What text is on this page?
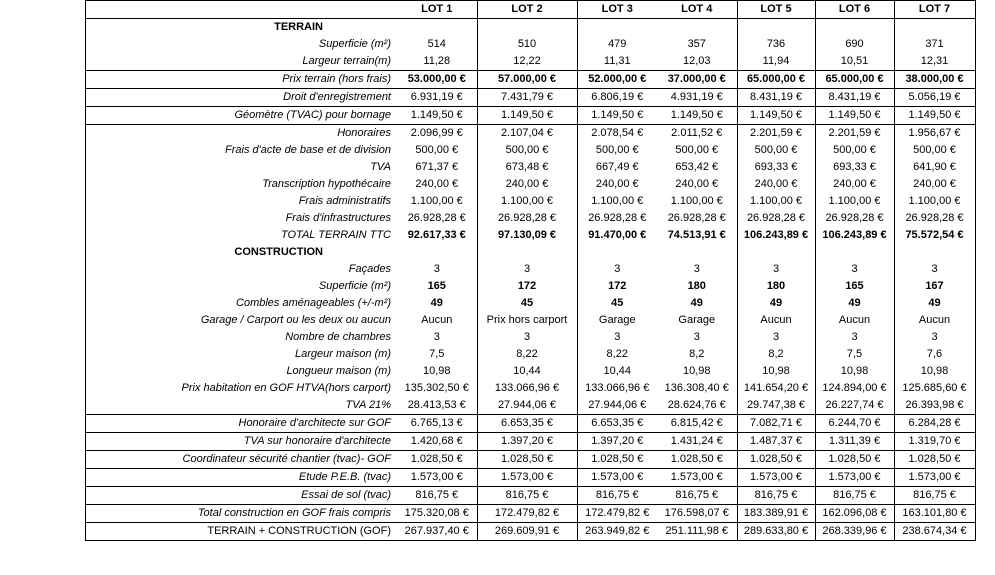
	LOT 1	LOT 2	LOT 3	LOT 4	LOT 5	LOT 6	LOT 7
TERRAIN							
Superficie (m²)	514	510	479	357	736	690	371
Largeur terrain(m)	11,28	12,22	11,31	12,03	11,94	10,51	12,31
Prix terrain (hors frais)	53.000,00 €	57.000,00 €	52.000,00 €	37.000,00 €	65.000,00 €	65.000,00 €	38.000,00 €
Droit d'enregistrement	6.931,19 €	7.431,79 €	6.806,19 €	4.931,19 €	8.431,19 €	8.431,19 €	5.056,19 €
Géomètre (TVAC) pour bornage	1.149,50 €	1.149,50 €	1.149,50 €	1.149,50 €	1.149,50 €	1.149,50 €	1.149,50 €
Honoraires	2.096,99 €	2.107,04 €	2.078,54 €	2.011,52 €	2.201,59 €	2.201,59 €	1.956,67 €
Frais d'acte de base et de division	500,00 €	500,00 €	500,00 €	500,00 €	500,00 €	500,00 €	500,00 €
TVA	671,37 €	673,48 €	667,49 €	653,42 €	693,33 €	693,33 €	641,90 €
Transcription hypothécaire	240,00 €	240,00 €	240,00 €	240,00 €	240,00 €	240,00 €	240,00 €
Frais administratifs	1.100,00 €	1.100,00 €	1.100,00 €	1.100,00 €	1.100,00 €	1.100,00 €	1.100,00 €
Frais d'infrastructures	26.928,28 €	26.928,28 €	26.928,28 €	26.928,28 €	26.928,28 €	26.928,28 €	26.928,28 €
TOTAL TERRAIN TTC	92.617,33 €	97.130,09 €	91.470,00 €	74.513,91 €	106.243,89 €	106.243,89 €	75.572,54 €
CONSTRUCTION							
Façades	3	3	3	3	3	3	3
Superficie (m²)	165	172	172	180	180	165	167
Combles aménageables (+/-m²)	49	45	45	49	49	49	49
Garage / Carport ou les deux ou aucun	Aucun	Prix hors carport	Garage	Garage	Aucun	Aucun	Aucun
Nombre de chambres	3	3	3	3	3	3	3
Largeur maison (m)	7,5	8,22	8,22	8,2	8,2	7,5	7,6
Longueur maison (m)	10,98	10,44	10,44	10,98	10,98	10,98	10,98
Prix habitation en GOF HTVA(hors carport)	135.302,50 €	133.066,96 €	133.066,96 €	136.308,40 €	141.654,20 €	124.894,00 €	125.685,60 €
TVA 21%	28.413,53 €	27.944,06 €	27.944,06 €	28.624,76 €	29.747,38 €	26.227,74 €	26.393,98 €
Honoraire d'architecte sur GOF	6.765,13 €	6.653,35 €	6.653,35 €	6.815,42 €	7.082,71 €	6.244,70 €	6.284,28 €
TVA sur honoraire d'architecte	1.420,68 €	1.397,20 €	1.397,20 €	1.431,24 €	1.487,37 €	1.311,39 €	1.319,70 €
Coordinateur sécurité chantier (tvac)- GOF	1.028,50 €	1.028,50 €	1.028,50 €	1.028,50 €	1.028,50 €	1.028,50 €	1.028,50 €
Etude P.E.B. (tvac)	1.573,00 €	1.573,00 €	1.573,00 €	1.573,00 €	1.573,00 €	1.573,00 €	1.573,00 €
Essai de sol (tvac)	816,75 €	816,75 €	816,75 €	816,75 €	816,75 €	816,75 €	816,75 €
Total construction en GOF frais compris	175.320,08 €	172.479,82 €	172.479,82 €	176.598,07 €	183.389,91 €	162.096,08 €	163.101,80 €
TERRAIN + CONSTRUCTION (GOF)	267.937,40 €	269.609,91 €	263.949,82 €	251.111,98 €	289.633,80 €	268.339,96 €	238.674,34 €
